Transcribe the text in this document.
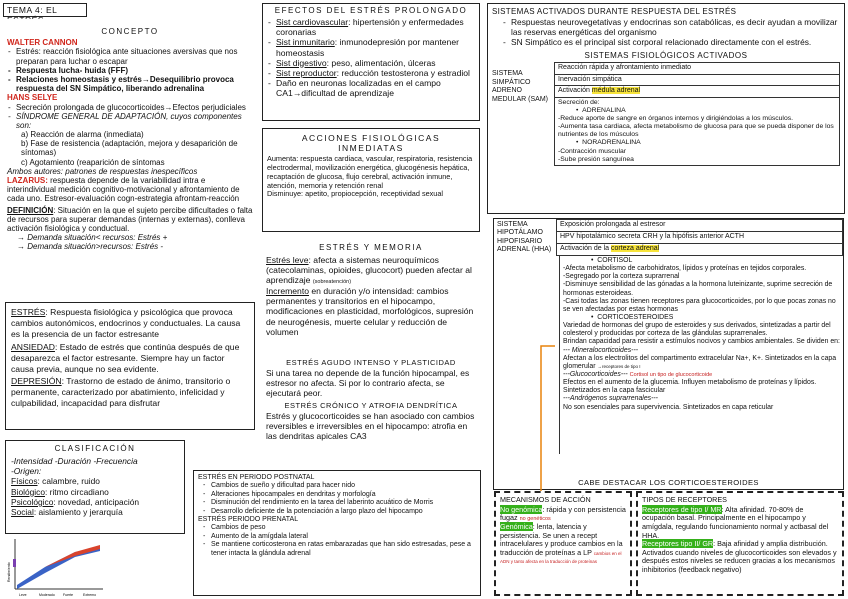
TEMA 4: EL
CONCEPTO
WALTER CANNON
- Estrés: reacción fisiológica ante situaciones aversivas que nos preparan para luchar o escapar
- Respuesta lucha- huida (FFF)
- Relaciones homeostasis y estrés→Desequilibrio provoca respuesta del SN Simpático, liberando adrenalina
HANS SELYE
- Secreción prolongada de glucocorticoides→Efectos perjudiciales
- SÍNDROME GENERAL DE ADAPTACIÓN, cuyos componentes son:
a) Reacción de alarma (inmediata)
b) Fase de resistencia (adaptación, mejora y desaparición de síntomas)
c) Agotamiento (reaparición de síntomas
Ambos autores: patrones de respuestas inespecíficos
LAZARUS: respuesta depende de la variabilidad intra e interindividual medición cognitivo-motivacional y afrontamiento de cada uno. Estresor-evaluación cogn-estrategia afrontam-reacción
DEFINICIÓN: Situación en la que el sujeto percibe dificultades o falta de recursos para superar demandas (internas y externas), conlleva activación fisiológica y conductual.
→ Demanda situación< recursos: Estrés +
→ Demanda situación>recursos: Estrés -
ESTRÉS: Respuesta fisiológica y psicológica que provoca cambios autonómicos, endocrinos y conductuales. La causa es la presencia de un factor estresante
ANSIEDAD: Estado de estrés que continúa después de que desaparezca el factor estresante. Siempre hay un factor causa previa, aunque no sea evidente.
DEPRESIÓN: Trastorno de estado de ánimo, transitorio o permanente, caracterizado por abatimiento, infelicidad y culpabilidad, incapacidad para disfrutar
CLASIFICACIÓN
-Intensidad -Duración -Frecuencia
-Origen:
Físicos: calambre, ruido
Biológico: ritmo circadiano
Psicológico: novedad, anticipación
Social: aislamiento y jerarquía
Leve	Moderado Fuerte	Extremo
Rendimiento
EFECTOS DEL ESTRÉS PROLONGADO
- Sist cardiovascular: hipertensión y enfermedades coronarias
- Sist inmunitario: inmunodepresión por mantener homeostasis
- Sist digestivo: peso, alimentación, úlceras
- Sist reproductor: reducción testosterona y estradiol
- Daño en neuronas localizadas en el campo CA1→dificultad de aprendizaje
ACCIONES FISIOLÓGICAS
INMEDIATAS
Aumenta: respuesta cardiaca, vascular, respiratoria, resistencia electrodermal, movilización energética, glucogénesis hepática, recaptación de glucosa, flujo cerebral, activación inmune, atención, memoria y retención renal
Disminuye: apetito, propiocepción, receptividad sexual
ESTRÉS Y MEMORIA
Estrés leve: afecta a sistemas neuroquímicos (catecolaminas, opioides, glucocort) pueden afectar al aprendizaje (sobreatención)
Incremento en duración y/o intensidad: cambios permanentes y transitorios en el hipocampo, modificaciones en plasticidad, morfológicos, supresión de neurogénesis, muerte celular y reducción de volumen
ESTRÉS AGUDO INTENSO Y PLASTICIDAD
Si una tarea no depende de la función hipocampal, es estresor no afecta. Si por lo contrario afecta, se ejecutará peor.
ESTRÉS CRÓNICO Y ATROFIA DENDRÍTICA
Estrés y glucocorticoides se han asociado con cambios reversibles e irreversibles en el hipocampo: atrofia en las dendritas apicales CA3
ESTRÉS EN PERIODO POSTNATAL
- Cambios de sueño y dificultad para hacer nido
- Alteraciones hipocampales en dendritas y morfología
- Disminución del rendimiento en la tarea del laberinto acuático de Morris
- Desarrollo deficiente de la potenciación a largo plazo del hipocampo
ESTRÉS PERIODO PRENATAL
- Cambios de peso
- Aumento de la amígdala lateral
- Se mantiene corticosterona en ratas embarazadas que han sido estresadas, pese a tener intacta la glándula adrenal
SISTEMAS ACTIVADOS DURANTE RESPUESTA DEL ESTRÉS
- Respuestas neurovegetativas y endocrinas son catabólicas, es decir ayudan a movilizar las reservas energéticas del organismo
- SN Simpático es el principal sist corporal relacionado directamente con el estrés.
SISTEMAS FISIOLÓGICOS ACTIVADOS
SISTEMA SIMPÁTICO ADRENO MEDULAR (SAM)
Reacción rápida y afrontamiento inmediato
Inervación simpática
Activación médula adrenal

Secreción de:
•  ADRENALINA
-Reduce aporte de sangre en órganos internos y dirigiéndolas a los músculos.
-Aumenta tasa cardiaca, afecta metabolismo de glucosa para que se pueda disponer de los nutrientes de los músculos
•  NORADRENALINA
-Contracción muscular
-Sube presión sanguínea
SISTEMA HIPOTÁLAMO HIPOFISARIO ADRENAL (HHA)
Exposición prolongada al estresor
HPV hipotalámico secreta CRH y la hipófisis anterior ACTH
Activación de la corteza adrenal
•  CORTISOL
-Afecta metabolismo de carbohidratos, lípidos y proteínas en tejidos corporales.
-Segregado por la corteza suprarrenal
-Disminuye sensibilidad de las gónadas a la hormona luteinizante, suprime secreción de hormonas esteroideas.
-Casi todas las zonas tienen receptores para glucocorticoides, por lo que pocas zonas no se ven afectadas por estas hormonas
•  CORTICOESTEROIDES
Variedad de hormonas del grupo de esteroides y sus derivados, sintetizadas a partir del colesterol y producidas por corteza de las glándulas suprarrenales.
Brindan capacidad para resistir a estímulos nocivos y cambios ambientales. Se dividen en:
--- Mineralocorticoides---
Afectan a los electrolitos del compartimento extracelular Na+, K+. Sintetizados en la capa glomerular →receptores de tipo I
---Glucocorticoides--- Cortisol un tipo de glucocorticoide
Efectos en el aumento de la glucemia. Influyen metabolismo de proteínas y lípidos. Sintetizados en la capa fascicular
---Andrógenos suprarrenales---
No son esenciales para supervivencia. Sintetizados en capa reticular
CABE DESTACAR LOS CORTICOESTEROIDES
MECANISMOS DE ACCIÓN
No genómica: rápida y con persistencia fugaz no genéticos
Genómica: lenta, latencia y persistencia. Se unen a recept intracelulares y produce cambios en la traducción de proteínas a LP cambios en el ADN y tanto afecta en la traducción de proteínas
TIPOS DE RECEPTORES
Receptores de tipo I/ MR: Alta afinidad. 70-80% de ocupación basal. Principalmente en el hipocampo y amígdala, regulando funcionamiento normal y actbasal del HHA.
Receptores tipo II/ GR: Baja afinidad y amplia distribución. Activados cuando niveles de glucocorticoides son elevados y después estos niveles se reducen gracias a los mecanismos inhibitorios (feedback negativo)
